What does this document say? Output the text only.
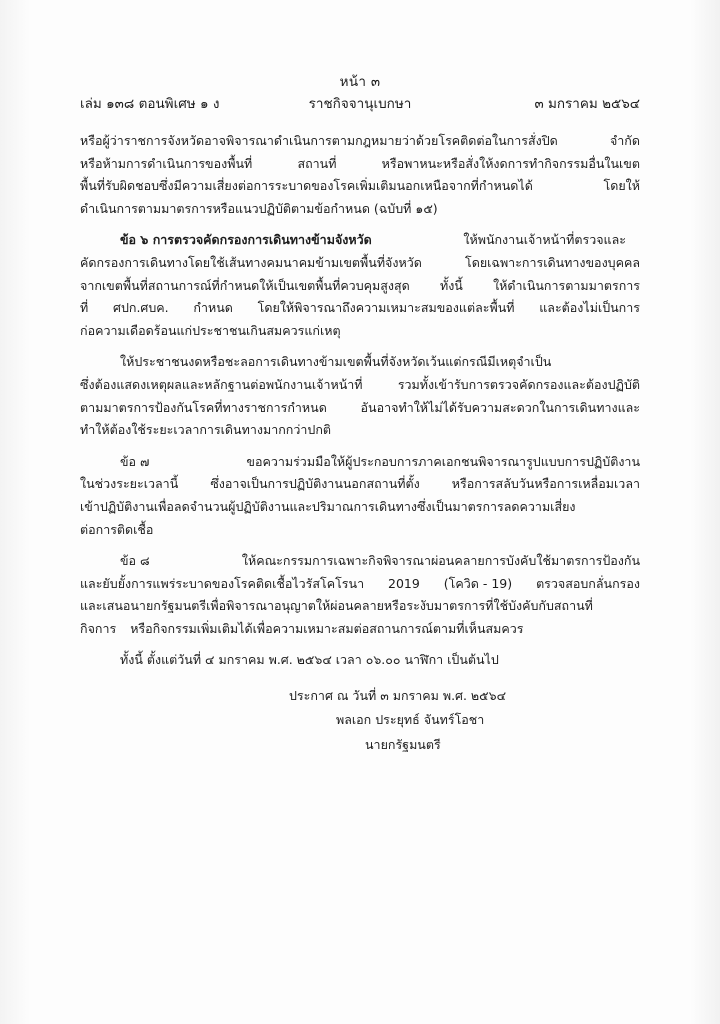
หน้า ๓
เล่ม ๑๓๘ ตอนพิเศษ ๑ ง	ราชกิจจานุเบกษา	๓ มกราคม ๒๕๖๔
หรือผู้ว่าราชการจังหวัดอาจพิจารณาดำเนินการตามกฎหมายว่าด้วยโรคติดต่อในการสั่งปิด	จำกัด
หรือห้ามการดำเนินการของพื้นที่	สถานที่	หรือพาหนะหรือสั่งให้งดการทำกิจกรรมอื่นในเขต
พื้นที่รับผิดชอบซึ่งมีความเสี่ยงต่อการระบาดของโรคเพิ่มเติมนอกเหนือจากที่กำหนดได้	โดยให้
ดำเนินการตามมาตรการหรือแนวปฏิบัติตามข้อกำหนด (ฉบับที่ ๑๕)
ข้อ ๖ การตรวจคัดกรองการเดินทางข้ามจังหวัด	ให้พนักงานเจ้าหน้าที่ตรวจและ
คัดกรองการเดินทางโดยใช้เส้นทางคมนาคมข้ามเขตพื้นที่จังหวัด	โดยเฉพาะการเดินทางของบุคคล
จากเขตพื้นที่สถานการณ์ที่กำหนดให้เป็นเขตพื้นที่ควบคุมสูงสุด ทั้งนี้ ให้ดำเนินการตามมาตรการ
ที่ ศปก.ศบค. กำหนด โดยให้พิจารณาถึงความเหมาะสมของแต่ละพื้นที่ และต้องไม่เป็นการ
ก่อความเดือดร้อนแก่ประชาชนเกินสมควรแก่เหตุ
ให้ประชาชนงดหรือชะลอการเดินทางข้ามเขตพื้นที่จังหวัดเว้นแต่กรณีมีเหตุจำเป็น
ซึ่งต้องแสดงเหตุผลและหลักฐานต่อพนักงานเจ้าหน้าที่	รวมทั้งเข้ารับการตรวจคัดกรองและต้องปฏิบัติ
ตามมาตรการป้องกันโรคที่ทางราชการกำหนด	อันอาจทำให้ไม่ได้รับความสะดวกในการเดินทางและ
ทำให้ต้องใช้ระยะเวลาการเดินทางมากกว่าปกติ
ข้อ ๗	ขอความร่วมมือให้ผู้ประกอบการภาคเอกชนพิจารณารูปแบบการปฏิบัติงาน
ในช่วงระยะเวลานี้	ซึ่งอาจเป็นการปฏิบัติงานนอกสถานที่ตั้ง	หรือการสลับวันหรือการเหลื่อมเวลา
เข้าปฏิบัติงานเพื่อลดจำนวนผู้ปฏิบัติงานและปริมาณการเดินทางซึ่งเป็นมาตรการลดความเสี่ยง
ต่อการติดเชื้อ
ข้อ ๘	ให้คณะกรรมการเฉพาะกิจพิจารณาผ่อนคลายการบังคับใช้มาตรการป้องกัน
และยับยั้งการแพร่ระบาดของโรคติดเชื้อไวรัสโคโรนา 2019 (โควิด - 19) ตรวจสอบกลั่นกรอง
และเสนอนายกรัฐมนตรีเพื่อพิจารณาอนุญาตให้ผ่อนคลายหรือระงับมาตรการที่ใช้บังคับกับสถานที่
กิจการ หรือกิจกรรมเพิ่มเติมได้เพื่อความเหมาะสมต่อสถานการณ์ตามที่เห็นสมควร
ทั้งนี้ ตั้งแต่วันที่ ๔ มกราคม พ.ศ. ๒๕๖๔ เวลา ๐๖.๐๐ นาฬิกา เป็นต้นไป
ประกาศ ณ วันที่ ๓ มกราคม พ.ศ. ๒๕๖๔
พลเอก ประยุทธ์ จันทร์โอชา
นายกรัฐมนตรี
